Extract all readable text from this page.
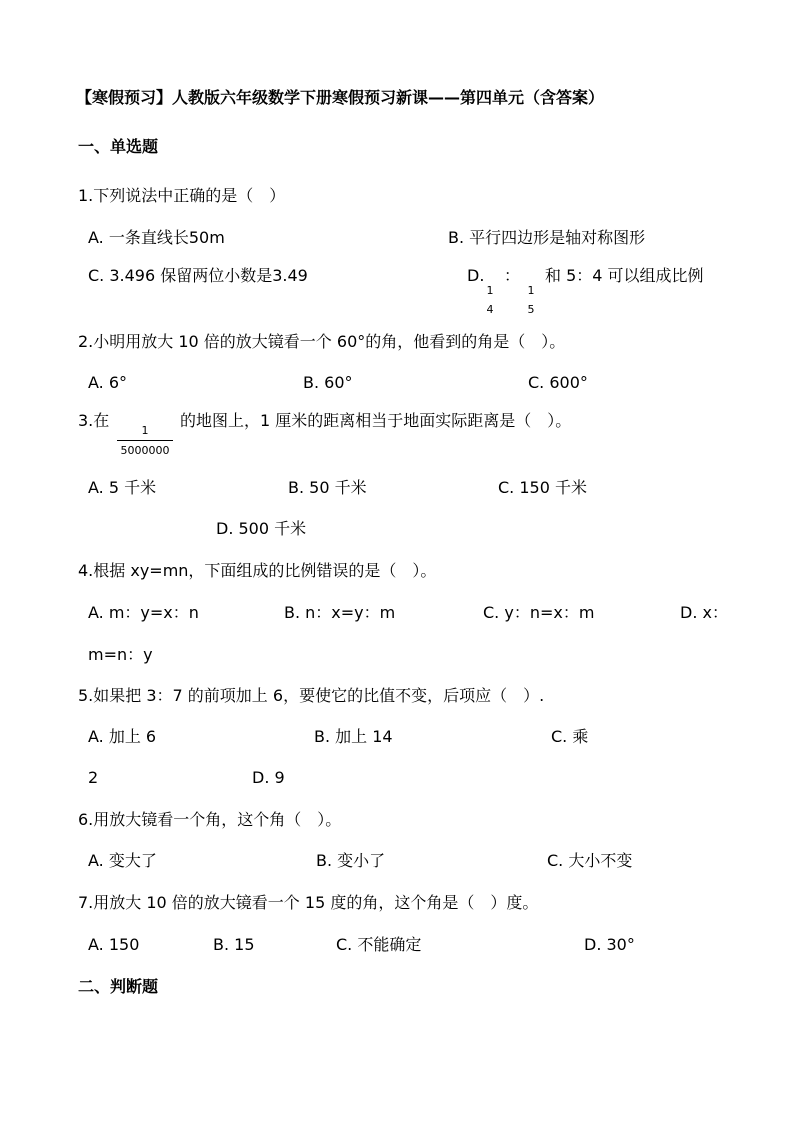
【寒假预习】人教版六年级数学下册寒假预习新课——第四单元（含答案）
一、单选题
1.下列说法中正确的是（　）
A. 一条直线长50m	B. 平行四边形是轴对称图形
C. 3.496 保留两位小数是3.49	D.
1
4
：
1
5
和 5：4 可以组成比例
2.小明用放大 10 倍的放大镜看一个 60°的角，他看到的角是（　）。
A. 6°	B. 60°	C. 600°
3.在
1
5000000
的地图上，1 厘米的距离相当于地面实际距离是（　）。
A. 5 千米	B. 50 千米	C. 150 千米
D. 500 千米
4.根据 xy=mn，下面组成的比例错误的是（　）。
A. m：y=x：n	B. n：x=y：m	C. y：n=x：m	D. x：
m=n：y
5.如果把 3：7 的前项加上 6，要使它的比值不变，后项应（　）.
A. 加上 6	B. 加上 14	C. 乘
2	D. 9
6.用放大镜看一个角，这个角（　）。
A. 变大了	B. 变小了	C. 大小不变
7.用放大 10 倍的放大镜看一个 15 度的角，这个角是（　）度。
A. 150	B. 15	C. 不能确定	D. 30°
二、判断题
